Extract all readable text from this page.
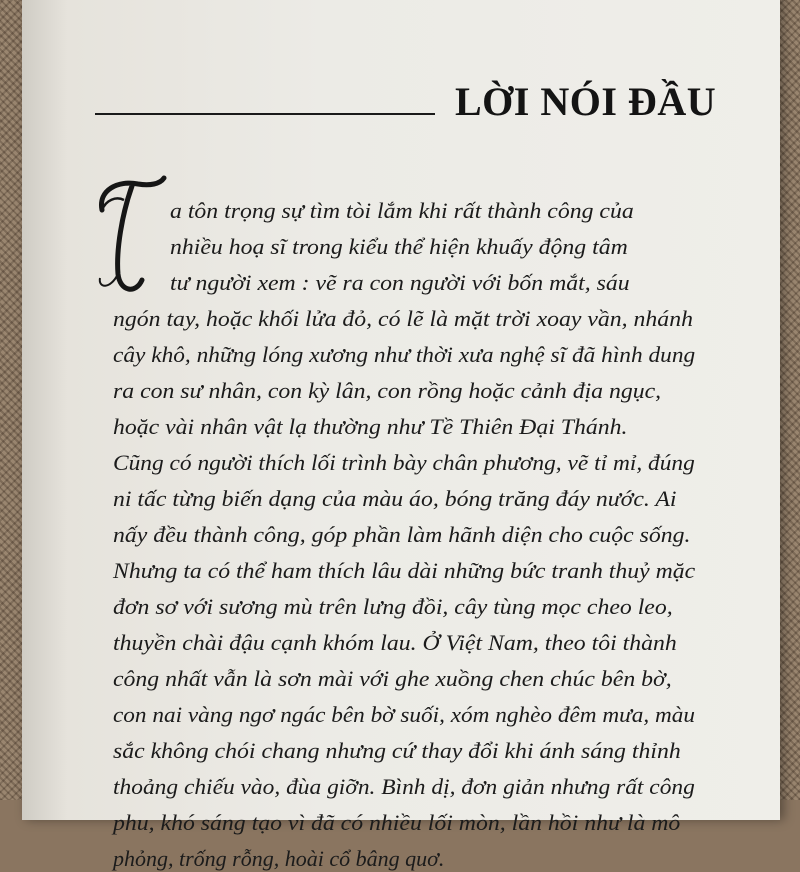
LỜI NÓI ĐẦU
a tôn trọng sự tìm tòi lắm khi rất thành công của
nhiều hoạ sĩ trong kiểu thể hiện khuấy động tâm
tư người xem : vẽ ra con người với bốn mắt, sáu
ngón tay, hoặc khối lửa đỏ, có lẽ là mặt trời xoay vần, nhánh
cây khô, những lóng xương như thời xưa nghệ sĩ đã hình dung
ra con sư nhân, con kỳ lân, con rồng hoặc cảnh địa ngục,
hoặc vài nhân vật lạ thường như Tề Thiên Đại Thánh.
Cũng có người thích lối trình bày chân phương, vẽ tỉ mỉ, đúng
ni tấc từng biến dạng của màu áo, bóng trăng đáy nước. Ai
nấy đều thành công, góp phần làm hãnh diện cho cuộc sống.
Nhưng ta có thể ham thích lâu dài những bức tranh thuỷ mặc
đơn sơ với sương mù trên lưng đồi, cây tùng mọc cheo leo,
thuyền chài đậu cạnh khóm lau. Ở Việt Nam, theo tôi thành
công nhất vẫn là sơn mài với ghe xuồng chen chúc bên bờ,
con nai vàng ngơ ngác bên bờ suối, xóm nghèo đêm mưa, màu
sắc không chói chang nhưng cứ thay đổi khi ánh sáng thỉnh
thoảng chiếu vào, đùa giỡn. Bình dị, đơn giản nhưng rất công
phu, khó sáng tạo vì đã có nhiều lối mòn, lần hồi như là mô
phỏng, trống rỗng, hoài cổ bâng quơ.
